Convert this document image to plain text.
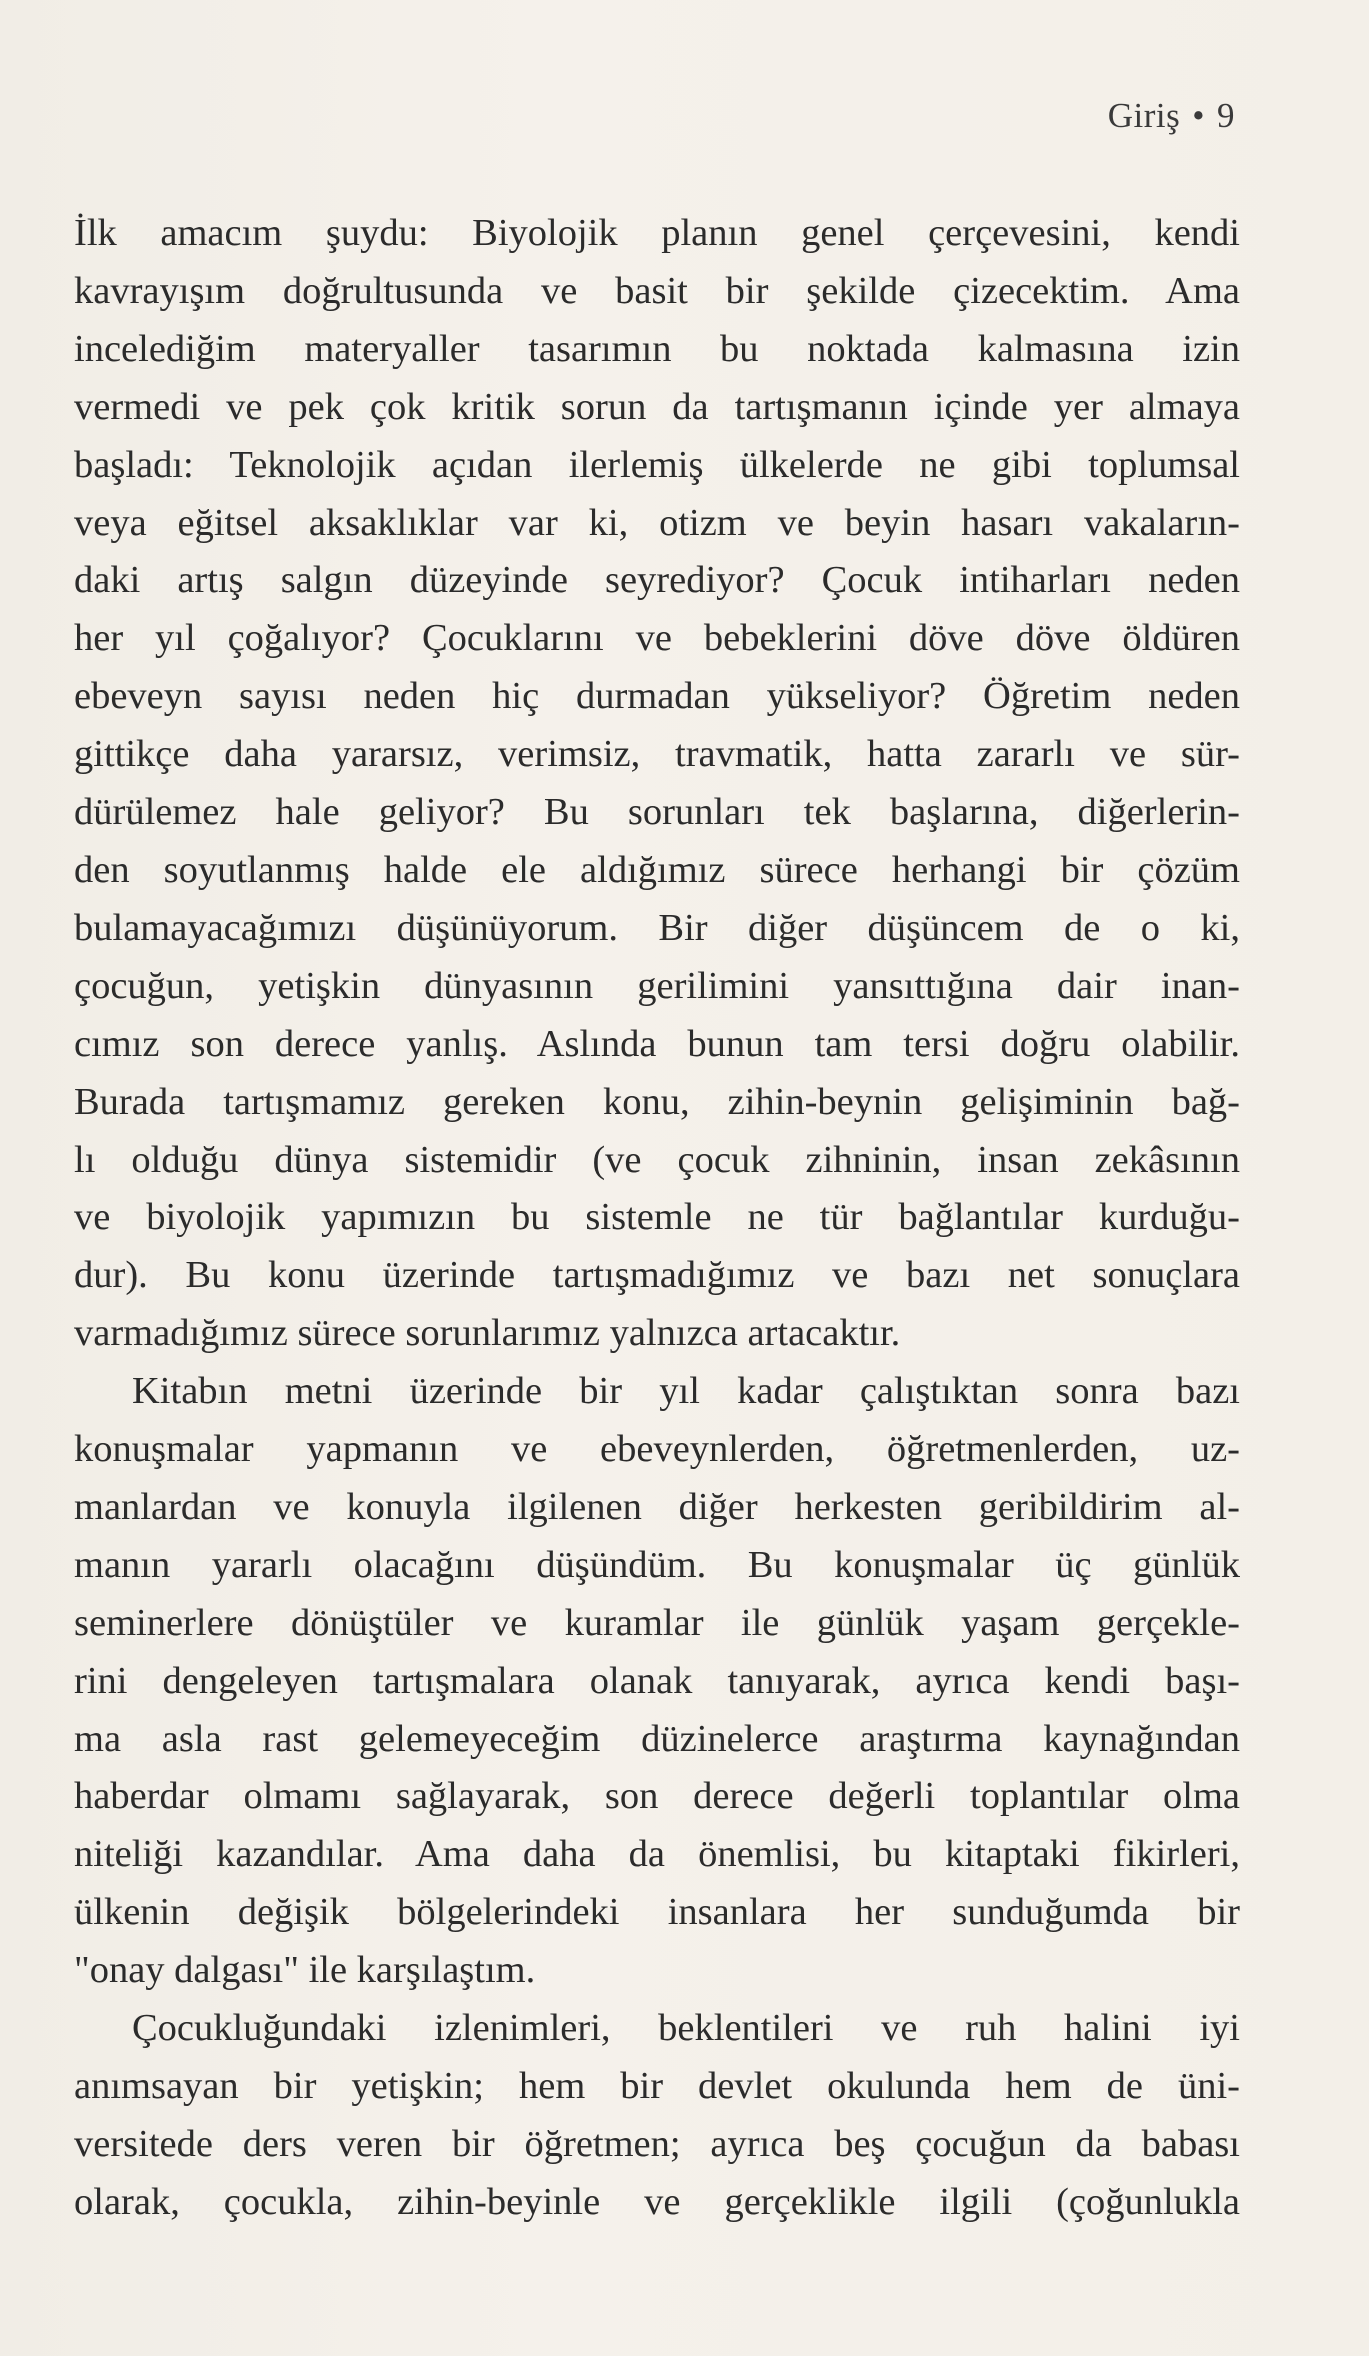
Giriş • 9
İlk amacım şuydu: Biyolojik planın genel çerçevesini, kendi
kavrayışım doğrultusunda ve basit bir şekilde çizecektim. Ama
incelediğim materyaller tasarımın bu noktada kalmasına izin
vermedi ve pek çok kritik sorun da tartışmanın içinde yer almaya
başladı: Teknolojik açıdan ilerlemiş ülkelerde ne gibi toplumsal
veya eğitsel aksaklıklar var ki, otizm ve beyin hasarı vakaların-
daki artış salgın düzeyinde seyrediyor? Çocuk intiharları neden
her yıl çoğalıyor? Çocuklarını ve bebeklerini döve döve öldüren
ebeveyn sayısı neden hiç durmadan yükseliyor? Öğretim neden
gittikçe daha yararsız, verimsiz, travmatik, hatta zararlı ve sür-
dürülemez hale geliyor? Bu sorunları tek başlarına, diğerlerin-
den soyutlanmış halde ele aldığımız sürece herhangi bir çözüm
bulamayacağımızı düşünüyorum. Bir diğer düşüncem de o ki,
çocuğun, yetişkin dünyasının gerilimini yansıttığına dair inan-
cımız son derece yanlış. Aslında bunun tam tersi doğru olabilir.
Burada tartışmamız gereken konu, zihin-beynin gelişiminin bağ-
lı olduğu dünya sistemidir (ve çocuk zihninin, insan zekâsının
ve biyolojik yapımızın bu sistemle ne tür bağlantılar kurduğu-
dur). Bu konu üzerinde tartışmadığımız ve bazı net sonuçlara
varmadığımız sürece sorunlarımız yalnızca artacaktır.
Kitabın metni üzerinde bir yıl kadar çalıştıktan sonra bazı
konuşmalar yapmanın ve ebeveynlerden, öğretmenlerden, uz-
manlardan ve konuyla ilgilenen diğer herkesten geribildirim al-
manın yararlı olacağını düşündüm. Bu konuşmalar üç günlük
seminerlere dönüştüler ve kuramlar ile günlük yaşam gerçekle-
rini dengeleyen tartışmalara olanak tanıyarak, ayrıca kendi başı-
ma asla rast gelemeyeceğim düzinelerce araştırma kaynağından
haberdar olmamı sağlayarak, son derece değerli toplantılar olma
niteliği kazandılar. Ama daha da önemlisi, bu kitaptaki fikirleri,
ülkenin değişik bölgelerindeki insanlara her sunduğumda bir
"onay dalgası" ile karşılaştım.
Çocukluğundaki izlenimleri, beklentileri ve ruh halini iyi
anımsayan bir yetişkin; hem bir devlet okulunda hem de üni-
versitede ders veren bir öğretmen; ayrıca beş çocuğun da babası
olarak, çocukla, zihin-beyinle ve gerçeklikle ilgili (çoğunlukla
